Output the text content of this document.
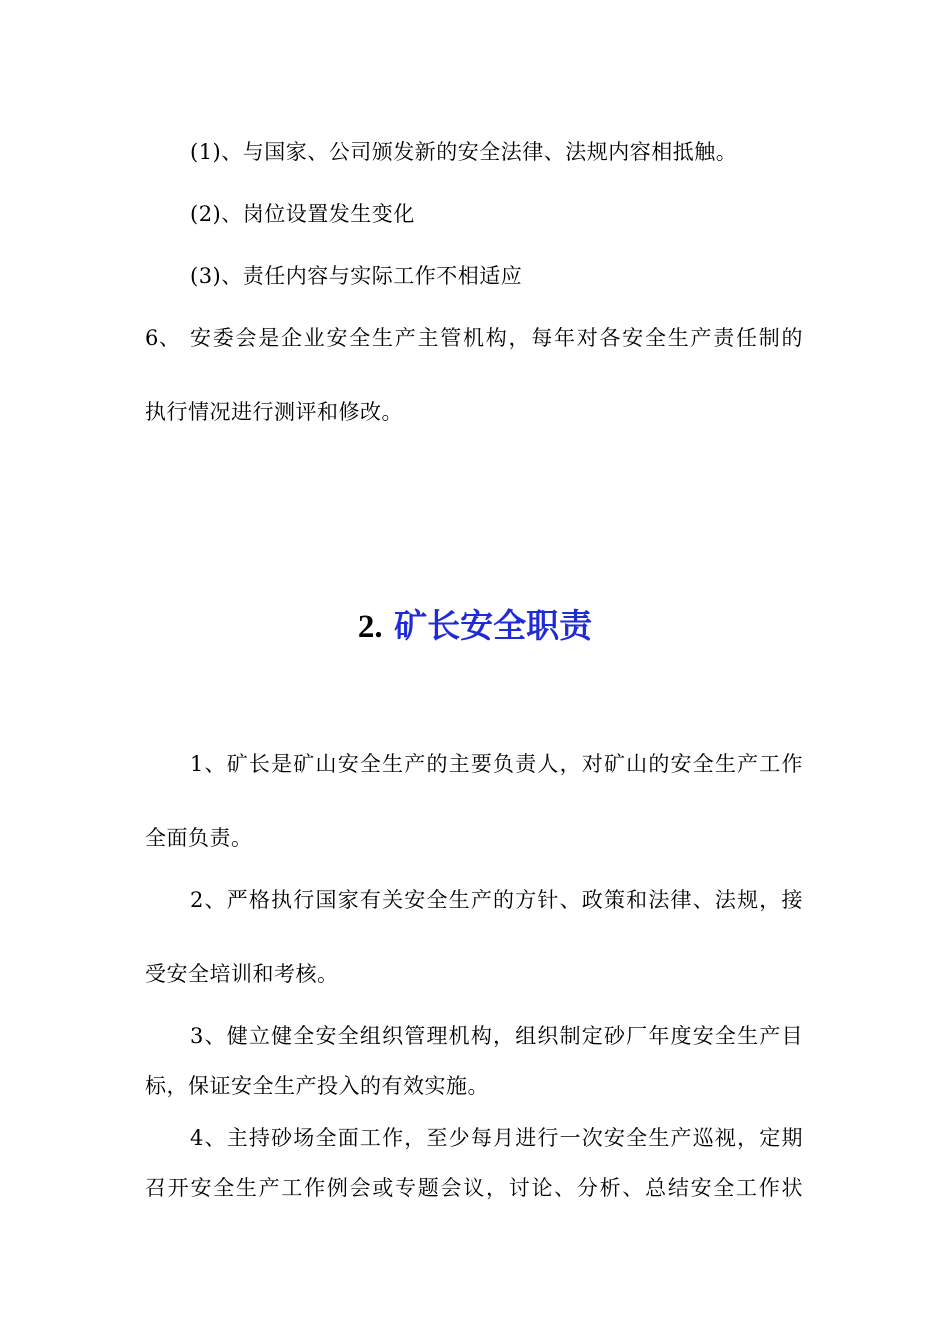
(1)、与国家、公司颁发新的安全法律、法规内容相抵触。
(2)、岗位设置发生变化
(3)、责任内容与实际工作不相适应
6、 安委会是企业安全生产主管机构，每年对各安全生产责任制的
执行情况进行测评和修改。
2. 矿长安全职责
1、矿长是矿山安全生产的主要负责人，对矿山的安全生产工作
全面负责。
2、严格执行国家有关安全生产的方针、政策和法律、法规，接
受安全培训和考核。
3、健立健全安全组织管理机构，组织制定砂厂年度安全生产目
标，保证安全生产投入的有效实施。
4、主持砂场全面工作，至少每月进行一次安全生产巡视，定期
召开安全生产工作例会或专题会议，讨论、分析、总结安全工作状
